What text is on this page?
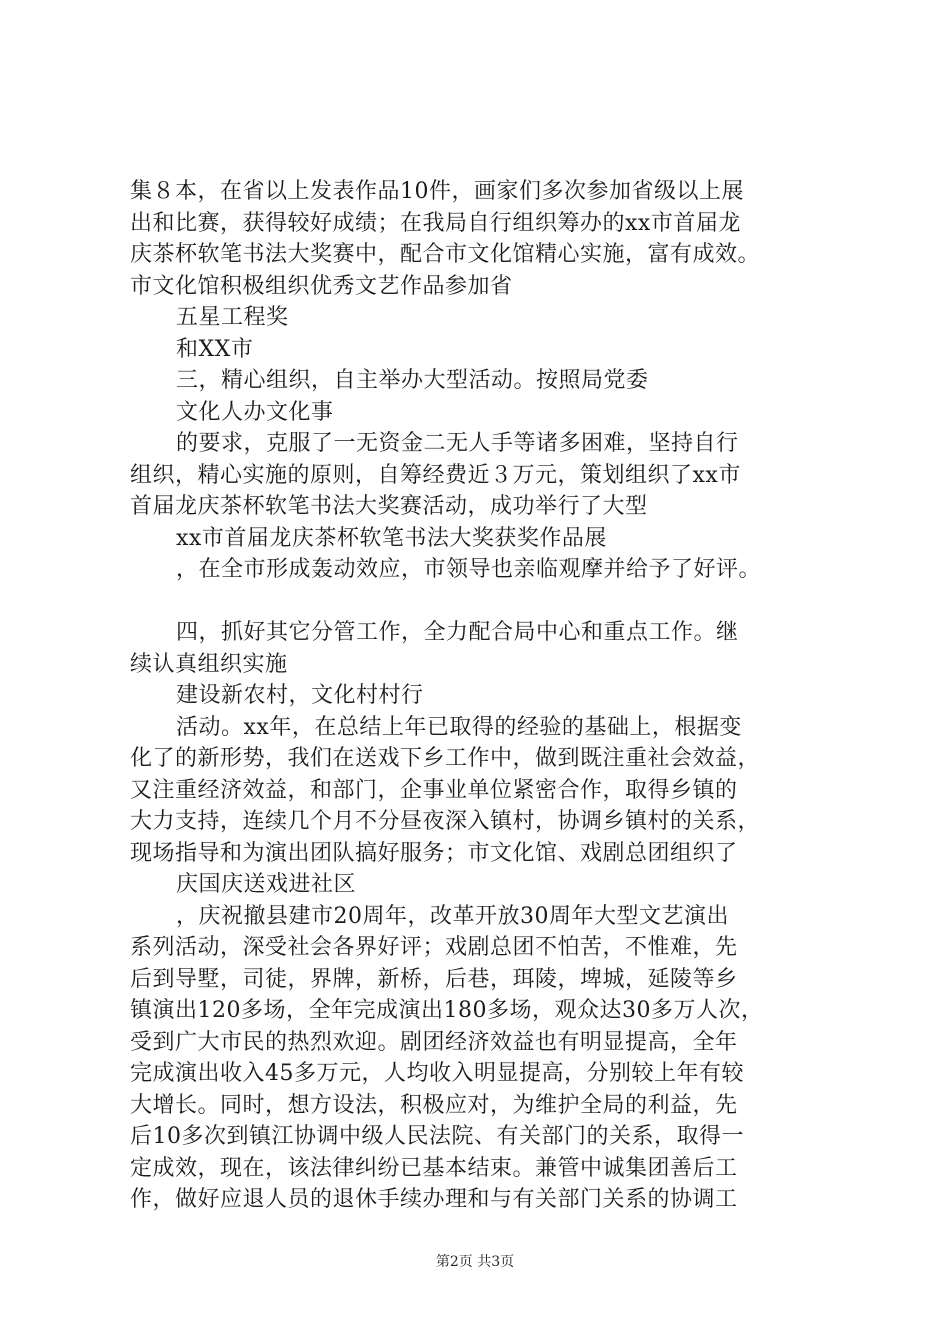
集８本，在省以上发表作品10件，画家们多次参加省级以上展
出和比赛，获得较好成绩；在我局自行组织筹办的xx市首届龙
庆茶杯软笔书法大奖赛中，配合市文化馆精心实施，富有成效。
市文化馆积极组织优秀文艺作品参加省
五星工程奖
和XX市
三，精心组织，自主举办大型活动。按照局党委
文化人办文化事
的要求，克服了一无资金二无人手等诸多困难，坚持自行
组织，精心实施的原则，自筹经费近３万元，策划组织了xx市
首届龙庆茶杯软笔书法大奖赛活动，成功举行了大型
xx市首届龙庆茶杯软笔书法大奖获奖作品展
，在全市形成轰动效应，市领导也亲临观摩并给予了好评。
四，抓好其它分管工作，全力配合局中心和重点工作。继
续认真组织实施
建设新农村，文化村村行
活动。xx年，在总结上年已取得的经验的基础上，根据变
化了的新形势，我们在送戏下乡工作中，做到既注重社会效益，
又注重经济效益，和部门，企事业单位紧密合作，取得乡镇的
大力支持，连续几个月不分昼夜深入镇村，协调乡镇村的关系，
现场指导和为演出团队搞好服务；市文化馆、戏剧总团组织了
庆国庆送戏进社区
，庆祝撤县建市20周年，改革开放30周年大型文艺演出
系列活动，深受社会各界好评；戏剧总团不怕苦，不惟难，先
后到导墅，司徒，界牌，新桥，后巷，珥陵，埤城，延陵等乡
镇演出120多场，全年完成演出180多场，观众达30多万人次，
受到广大市民的热烈欢迎。剧团经济效益也有明显提高，全年
完成演出收入45多万元，人均收入明显提高，分别较上年有较
大增长。同时，想方设法，积极应对，为维护全局的利益，先
后10多次到镇江协调中级人民法院、有关部门的关系，取得一
定成效，现在，该法律纠纷已基本结束。兼管中诚集团善后工
作，做好应退人员的退休手续办理和与有关部门关系的协调工
第2页 共3页
